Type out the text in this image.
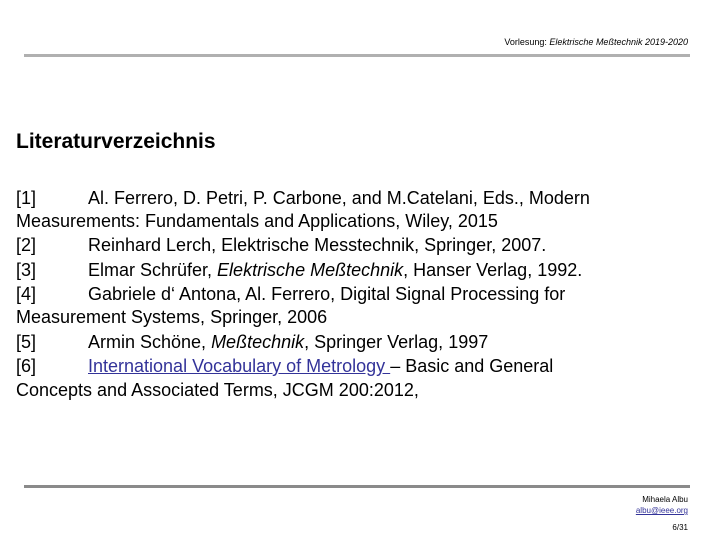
Vorlesung: Elektrische Meßtechnik 2019-2020
Literaturverzeichnis
[1]	Al. Ferrero, D. Petri, P. Carbone, and M.Catelani, Eds., Modern
Measurements: Fundamentals and Applications, Wiley, 2015
[2]	Reinhard Lerch, Elektrische Messtechnik, Springer, 2007.
[3]	Elmar Schrüfer, Elektrische Meßtechnik, Hanser Verlag, 1992.
[4]	Gabriele d‘ Antona, Al. Ferrero, Digital Signal Processing for
Measurement Systems, Springer, 2006
[5]	Armin Schöne, Meßtechnik, Springer Verlag, 1997
[6]	International Vocabulary of Metrology – Basic and General
Concepts and Associated Terms, JCGM 200:2012,
Mihaela Albu
albu@ieee.org
6/31
